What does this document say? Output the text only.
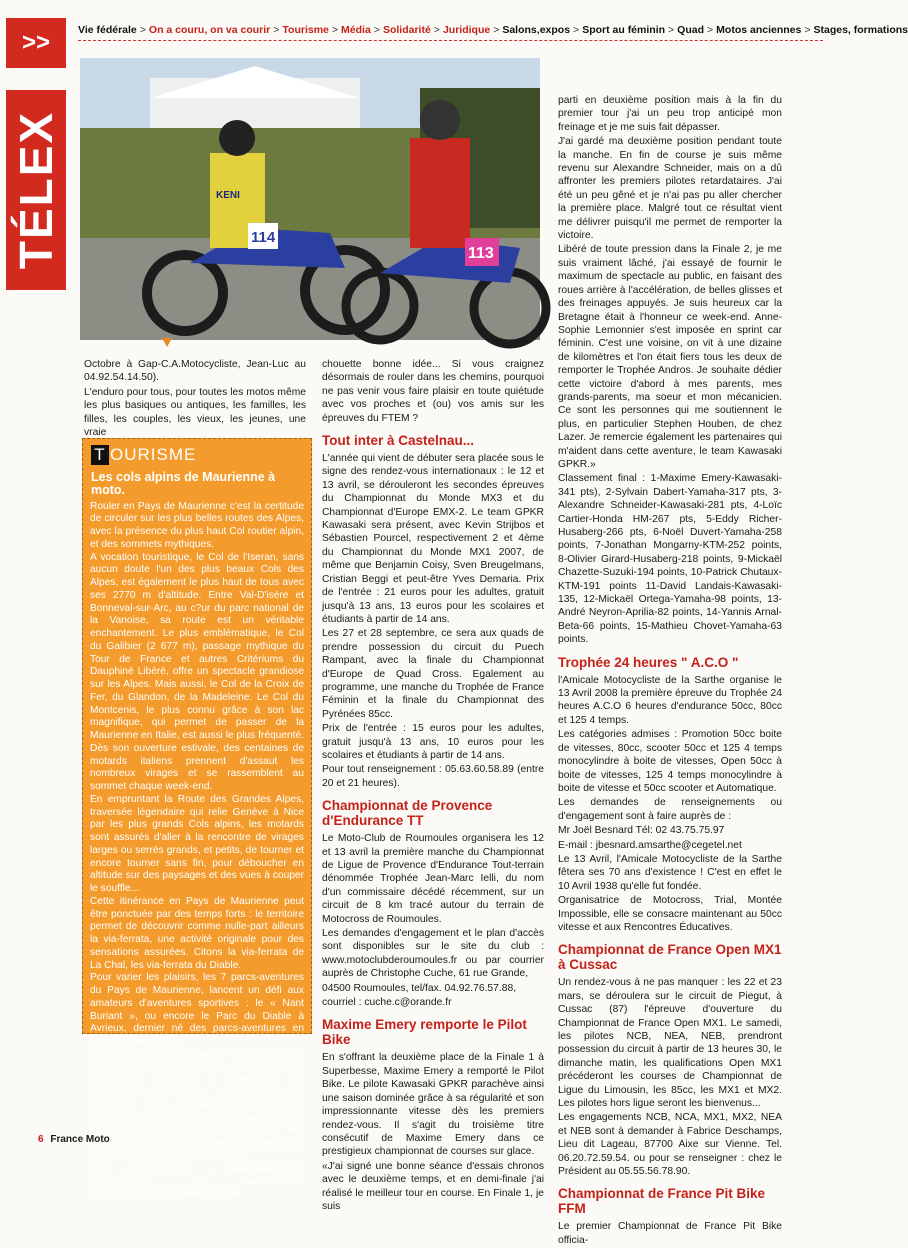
>>	Vie fédérale > On a couru, on va courir > Tourisme > Média > Solidarité > Juridique > Salons,expos > Sport au féminin > Quad > Motos anciennes > Stages, formations
TÉLEX	114
113
KENI

Octobre à Gap-C.A.Motocycliste, Jean-Luc au 04.92.54.14.50).

L'enduro pour tous, pour toutes les motos même les plus basiques ou antiques, les familles, les filles, les couples, les vieux, les jeunes, une vraie

T OURISME
Les cols alpins de Maurienne à moto.

Rouler en Pays de Maurienne c'est la certitude de circuler sur les plus belles routes des Alpes, avec la présence du plus haut Col routier alpin, et des sommets mythiques.

A vocation touristique, le Col de l'Iseran, sans aucun doute l'un des plus beaux Cols des Alpes, est également le plus haut de tous avec ses 2770 m d'altitude. Entre Val-D'isère et Bonneval-sur-Arc, au c?ur du parc national de la Vanoise, sa route est un véritable enchantement. Le plus emblématique, le Col du Galibier (2 677 m), passage mythique du Tour de France et autres Critériums du Dauphiné Libéré, offre un spectacle grandiose sur les Alpes. Mais aussi, le Col de la Croix de Fer, du Glandon, de la Madeleine. Le Col du Montcenis, le plus connu grâce à son lac magnifique, qui permet de passer de la Maurienne en Italie, est aussi le plus fréquenté. Dès son ouverture estivale, des centaines de motards italiens prennent d'assaut les nombreux virages et se rassemblent au sommet chaque week-end.

En empruntant la Route des Grandes Alpes, traversée légendaire qui relie Genève à Nice par les plus grands Cols alpins, les motards sont assurés d'aller à la rencontre de virages larges ou serrés grands, et petits, de tourner et encore tourner sans fin, pour déboucher en altitude sur des paysages et des vues à couper le souffle...

Cette itinérance en Pays de Maurienne peut être ponctuée par des temps forts : le territoire permet de découvrir comme nulle-part ailleurs la via-ferrata, une activité originale pour des sensations assurées. Citons la via-ferrata de La Chal, les via-ferrata du Diable.

Pour varier les plaisirs, les 7 parcs-aventures du Pays de Maurienne, lancent un défi aux amateurs d'aventures sportives : le « Nant Buriant », ou encore le Parc du Diable à Avrieux, dernier né des parcs-aventures en Pays de Maurienne.

Des hébergements adaptés, et des services nombreux (banques, stations services 24/24, motocistes, vendeurs et réparateurs de pneus...), facilitent cette belle itinérance à travers le Pays de Maurienne. Les hôtels disposent pour la plupart de garages fermés pour les motos et certains proposent des menus ainsi qu'un accueil personnalisé digne d'une mention « Relais Motards ».

Plus d'informations : www.maurienne-tourisme.com et www.savoie-maurienne.latitude-gallimard.com

chouette bonne idée... Si vous craignez désormais de rouler dans les chemins, pourquoi ne pas venir vous faire plaisir en toute quiétude avec vos proches et (ou) vos amis sur les épreuves du FTEM ?

Tout inter à Castelnau...

L'année qui vient de débuter sera placée sous le signe des rendez-vous internationaux : le 12 et 13 avril, se dérouleront les secondes épreuves du Championnat du Monde MX3 et du Championnat d'Europe EMX-2. Le team GPKR Kawasaki sera présent, avec Kevin Strijbos et Sébastien Pourcel, respectivement 2 et 4ème du Championnat du Monde MX1 2007, de même que Benjamin Coisy, Sven Breugelmans, Cristian Beggi et peut-être Yves Demaria. Prix de l'entrée : 21 euros pour les adultes, gratuit jusqu'à 13 ans, 13 euros pour les scolaires et étudiants à partir de 14 ans.

Les 27 et 28 septembre, ce sera aux quads de prendre possession du circuit du Puech Rampant, avec la finale du Championnat d'Europe de Quad Cross. Egalement au programme, une manche du Trophée de France Féminin et la finale du Championnat des Pyrénées 85cc.

Prix de l'entrée : 15 euros pour les adultes, gratuit jusqu'à 13 ans, 10 euros pour les scolaires et étudiants à partir de 14 ans.

Pour tout renseignement : 05.63.60.58.89 (entre 20 et 21 heures).

Championnat de Provence d'Endurance TT

Le Moto-Club de Roumoules organisera les 12 et 13 avril la première manche du Championnat de Ligue de Provence d'Endurance Tout-terrain dénommée Trophée Jean-Marc Ielli, du nom d'un commissaire décédé récemment, sur un circuit de 8 km tracé autour du terrain de Motocross de Roumoules.

Les demandes d'engagement et le plan d'accès sont disponibles sur le site du club : www.motoclubderoumoules.fr ou par courrier auprès de Christophe Cuche, 61 rue Grande,

04500 Roumoules, tel/fax. 04.92.76.57.88,

courriel : cuche.c@orande.fr

Maxime Emery remporte le Pilot Bike

En s'offrant la deuxième place de la Finale 1 à Superbesse, Maxime Emery a remporté le Pilot Bike. Le pilote Kawasaki GPKR parachève ainsi une saison dominée grâce à sa régularité et son impressionnante vitesse dès les premiers rendez-vous. Il s'agit du troisième titre consécutif de Maxime Emery dans ce prestigieux championnat de courses sur glace.

«J'ai signé une bonne séance d'essais chronos avec le deuxième temps, et en demi-finale j'ai réalisé le meilleur tour en course. En Finale 1, je suis

parti en deuxième position mais à la fin du premier tour j'ai un peu trop anticipé mon freinage et je me suis fait dépasser.

J'ai gardé ma deuxième position pendant toute la manche. En fin de course je suis même revenu sur Alexandre Schneider, mais on a dû affronter les premiers pilotes retardataires. J'ai été un peu gêné et je n'ai pas pu aller chercher la première place. Malgré tout ce résultat vient me délivrer puisqu'il me permet de remporter la victoire.

Libéré de toute pression dans la Finale 2, je me suis vraiment lâché, j'ai essayé de fournir le maximum de spectacle au public, en faisant des roues arrière à l'accélération, de belles glisses et des freinages appuyés. Je suis heureux car la Bretagne était à l'honneur ce week-end. Anne-Sophie Lemonnier s'est imposée en sprint car féminin. C'est une voisine, on vit à une dizaine de kilomètres et l'on était fiers tous les deux de remporter le Trophée Andros. Je souhaite dédier cette victoire d'abord à mes parents, mes grands-parents, ma soeur et mon mécanicien. Ce sont les personnes qui me soutiennent le plus, en particulier Stephen Houben, de chez Lazer. Je remercie également les partenaires qui m'aident dans cette aventure, le team Kawasaki GPKR.»

Classement final : 1-Maxime Emery-Kawasaki-341 pts), 2-Sylvain Dabert-Yamaha-317 pts, 3-Alexandre Schneider-Kawasaki-281 pts, 4-Loïc Cartier-Honda HM-267 pts, 5-Eddy Richer-Husaberg-266 pts, 6-Noël Duvert-Yamaha-258 points, 7-Jonathan Mongarny-KTM-252 points, 8-Olivier Girard-Husaberg-218 points, 9-Mickaël Chazette-Suzuki-194 points, 10-Patrick Chutaux-KTM-191 points 11-David Landais-Kawasaki-135, 12-Mickaël Ortega-Yamaha-98 points, 13-André Neyron-Aprilia-82 points, 14-Yannis Arnal-Beta-66 points, 15-Mathieu Chovet-Yamaha-63 points.

Trophée 24 heures " A.C.O "

l'Amicale Motocycliste de la Sarthe organise le 13 Avril 2008 la première épreuve du Trophée 24 heures A.C.O 6 heures d'endurance 50cc, 80cc et 125 4 temps.

Les catégories admises : Promotion 50cc boite de vitesses, 80cc, scooter 50cc et 125 4 temps monocylindre à boite de vitesses, Open 50cc à boite de vitesses, 125 4 temps monocylindre à boite de vitesse et 50cc scooter et Automatique.

Les demandes de renseignements ou d'engagement sont à faire auprès de :

Mr Joël Besnard Tél: 02 43.75.75.97

E-mail : jbesnard.amsarthe@cegetel.net

Le 13 Avril, l'Amicale Motocycliste de la Sarthe fêtera ses 70 ans d'existence ! C'est en effet le 10 Avril 1938 qu'elle fut fondée.

Organisatrice de Motocross, Trial, Montée Impossible, elle se consacre maintenant au 50cc vitesse et aux Rencontres Éducatives.

Championnat de France Open MX1 à Cussac

Un rendez-vous à ne pas manquer : les 22 et 23 mars, se déroulera sur le circuit de Piegut, à Cussac (87) l'épreuve d'ouverture du Championnat de France Open MX1. Le samedi, les pilotes NCB, NEA, NEB, prendront possession du circuit à partir de 13 heures 30, le dimanche matin, les qualifications Open MX1 précéderont les courses de Championnat de Ligue du Limousin, les 85cc, les MX1 et MX2. Les pilotes hors ligue seront les bienvenus...

Les engagements NCB, NCA, MX1, MX2, NEA et NEB sont à demander à Fabrice Deschamps, Lieu dit Lageau, 87700 Aixe sur Vienne. Tel. 06.20.72.59.54. ou pour se renseigner : chez le Président au 05.55.56.78.90.

Championnat de France Pit Bike FFM

Le premier Championnat de France Pit Bike officia-

6 France Moto
